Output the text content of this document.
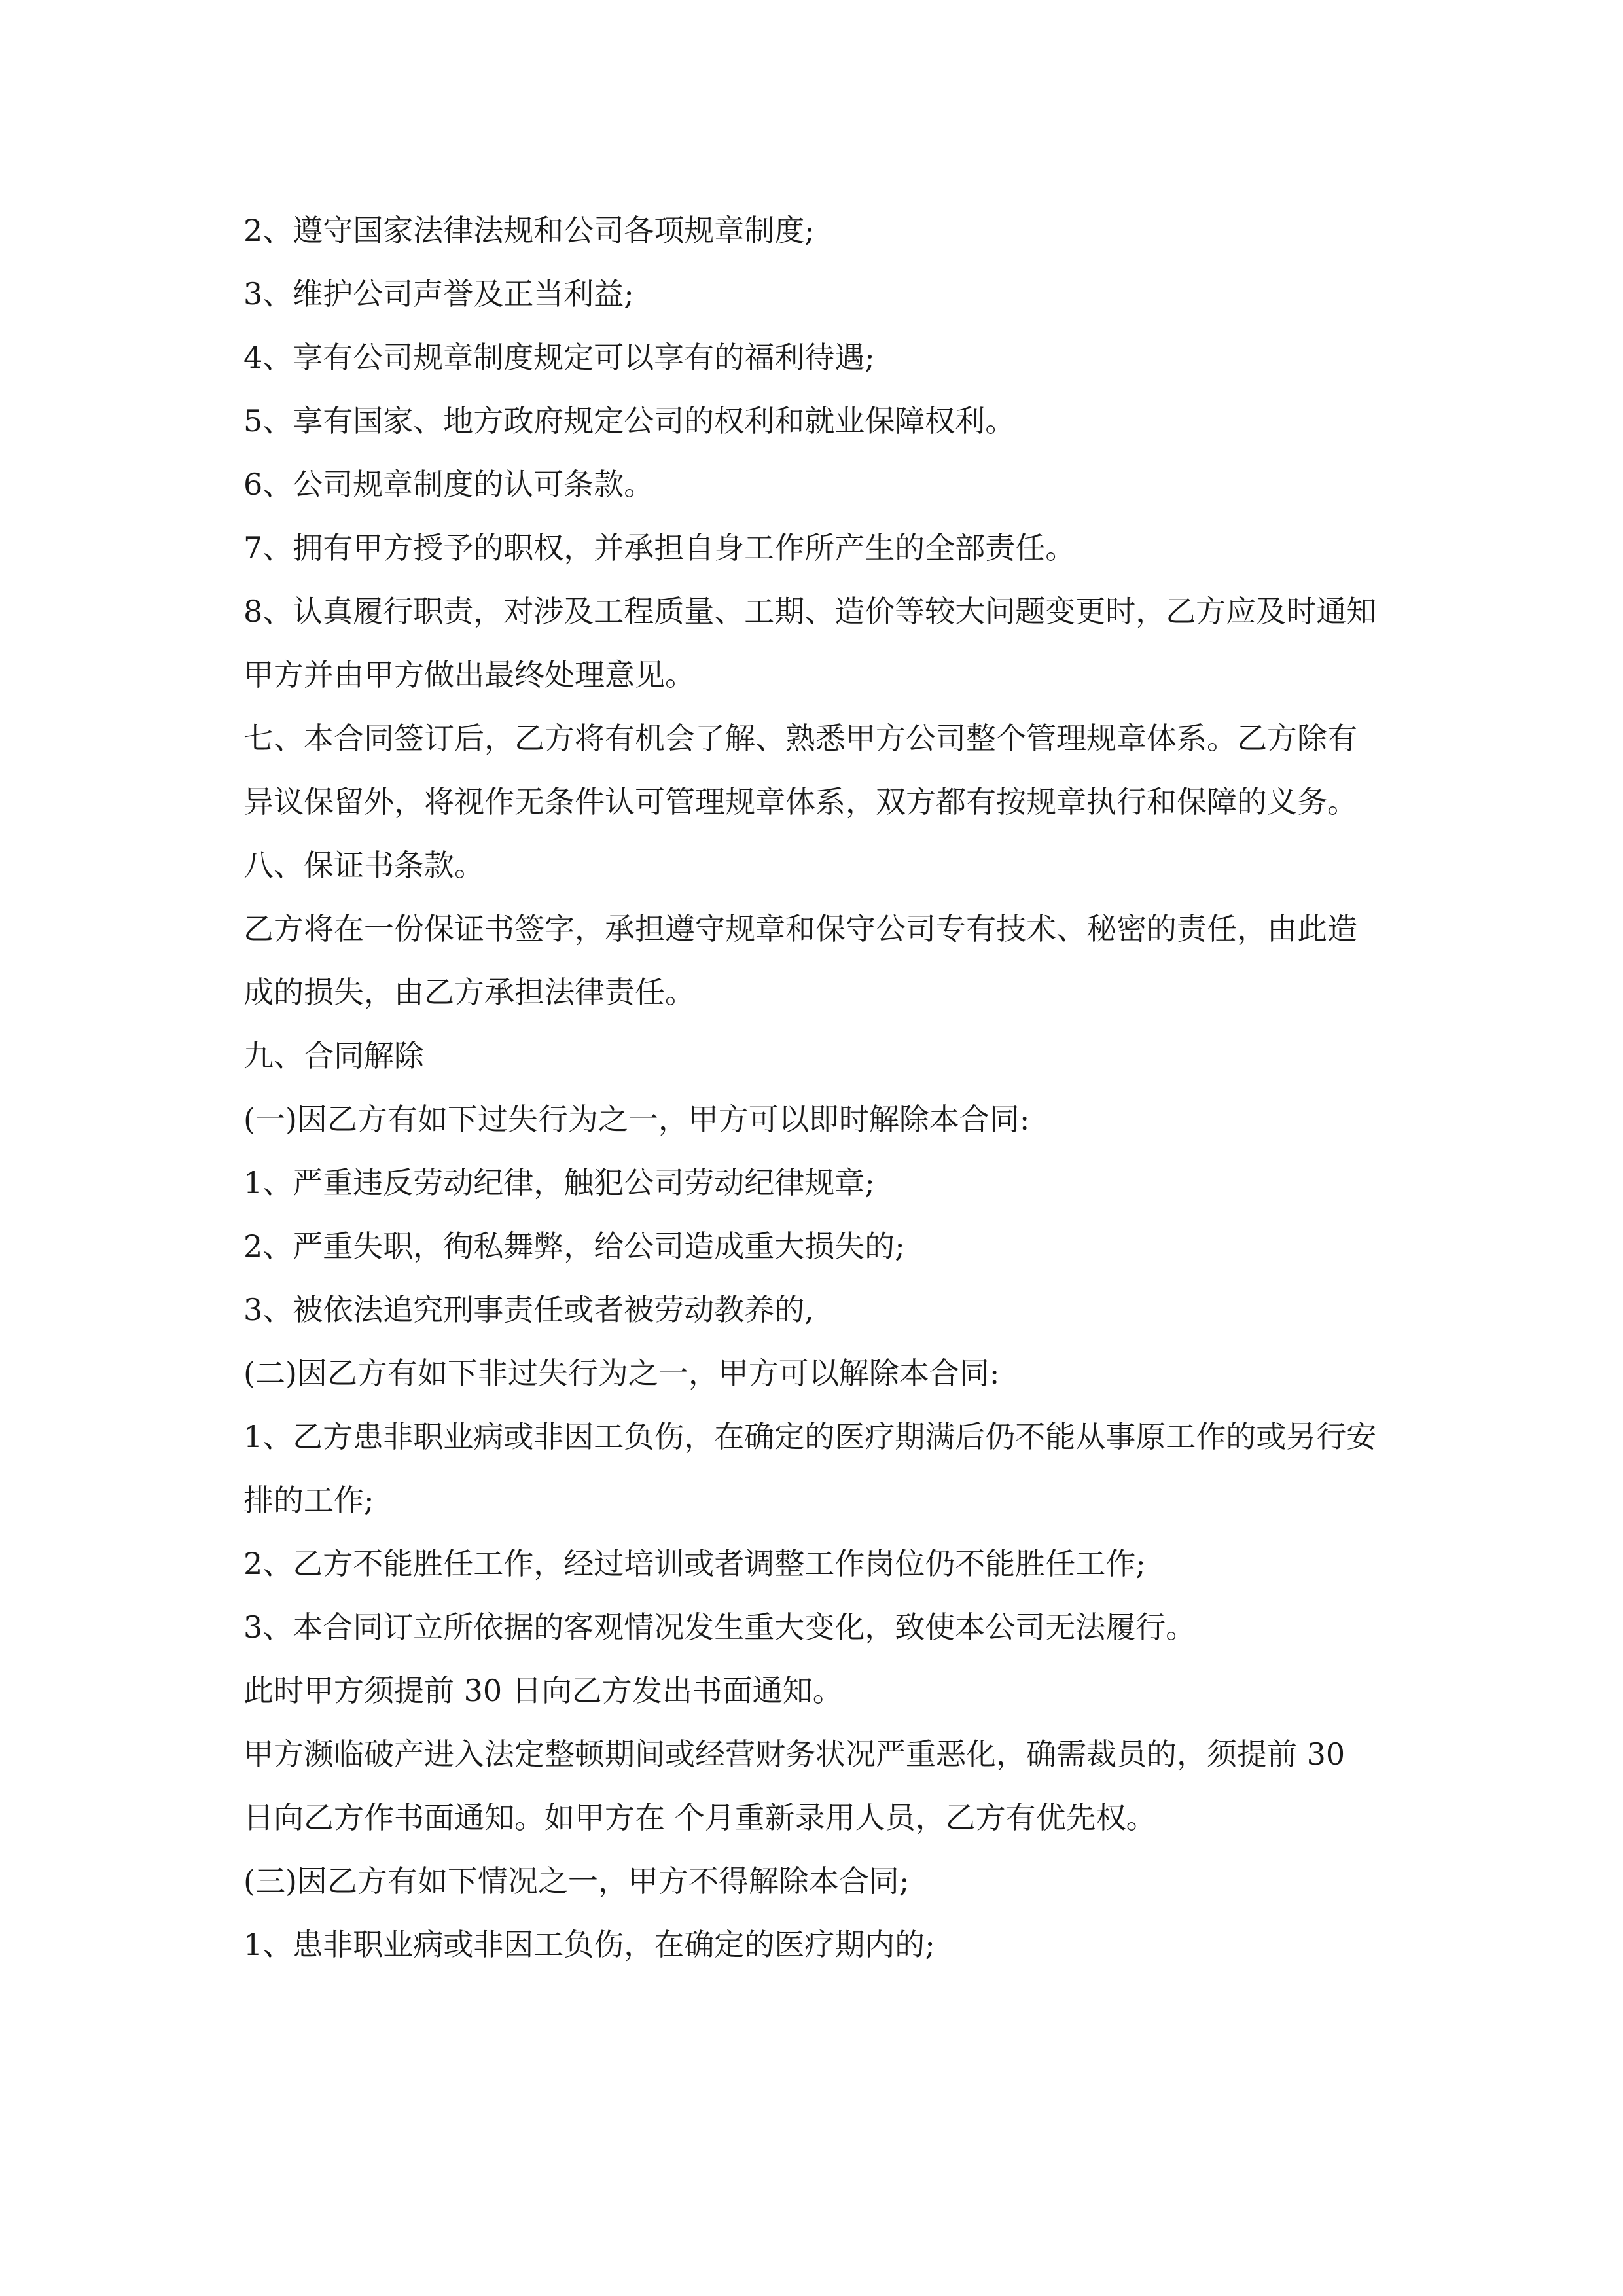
2、遵守国家法律法规和公司各项规章制度;

3、维护公司声誉及正当利益;

4、享有公司规章制度规定可以享有的福利待遇;

5、享有国家、地方政府规定公司的权利和就业保障权利。

6、公司规章制度的认可条款。

7、拥有甲方授予的职权，并承担自身工作所产生的全部责任。

8、认真履行职责，对涉及工程质量、工期、造价等较大问题变更时，乙方应及时通知甲方并由甲方做出最终处理意见。

七、本合同签订后，乙方将有机会了解、熟悉甲方公司整个管理规章体系。乙方除有异议保留外，将视作无条件认可管理规章体系，双方都有按规章执行和保障的义务。

八、保证书条款。

乙方将在一份保证书签字，承担遵守规章和保守公司专有技术、秘密的责任，由此造成的损失，由乙方承担法律责任。

九、合同解除

(一)因乙方有如下过失行为之一，甲方可以即时解除本合同:

1、严重违反劳动纪律，触犯公司劳动纪律规章;

2、严重失职，徇私舞弊，给公司造成重大损失的;

3、被依法追究刑事责任或者被劳动教养的,

(二)因乙方有如下非过失行为之一，甲方可以解除本合同:

1、乙方患非职业病或非因工负伤，在确定的医疗期满后仍不能从事原工作的或另行安排的工作;

2、乙方不能胜任工作，经过培训或者调整工作岗位仍不能胜任工作;

3、本合同订立所依据的客观情况发生重大变化，致使本公司无法履行。

此时甲方须提前 30 日向乙方发出书面通知。

甲方濒临破产进入法定整顿期间或经营财务状况严重恶化，确需裁员的，须提前 30 日向乙方作书面通知。如甲方在 个月重新录用人员，乙方有优先权。

(三)因乙方有如下情况之一，甲方不得解除本合同;

1、患非职业病或非因工负伤，在确定的医疗期内的;
